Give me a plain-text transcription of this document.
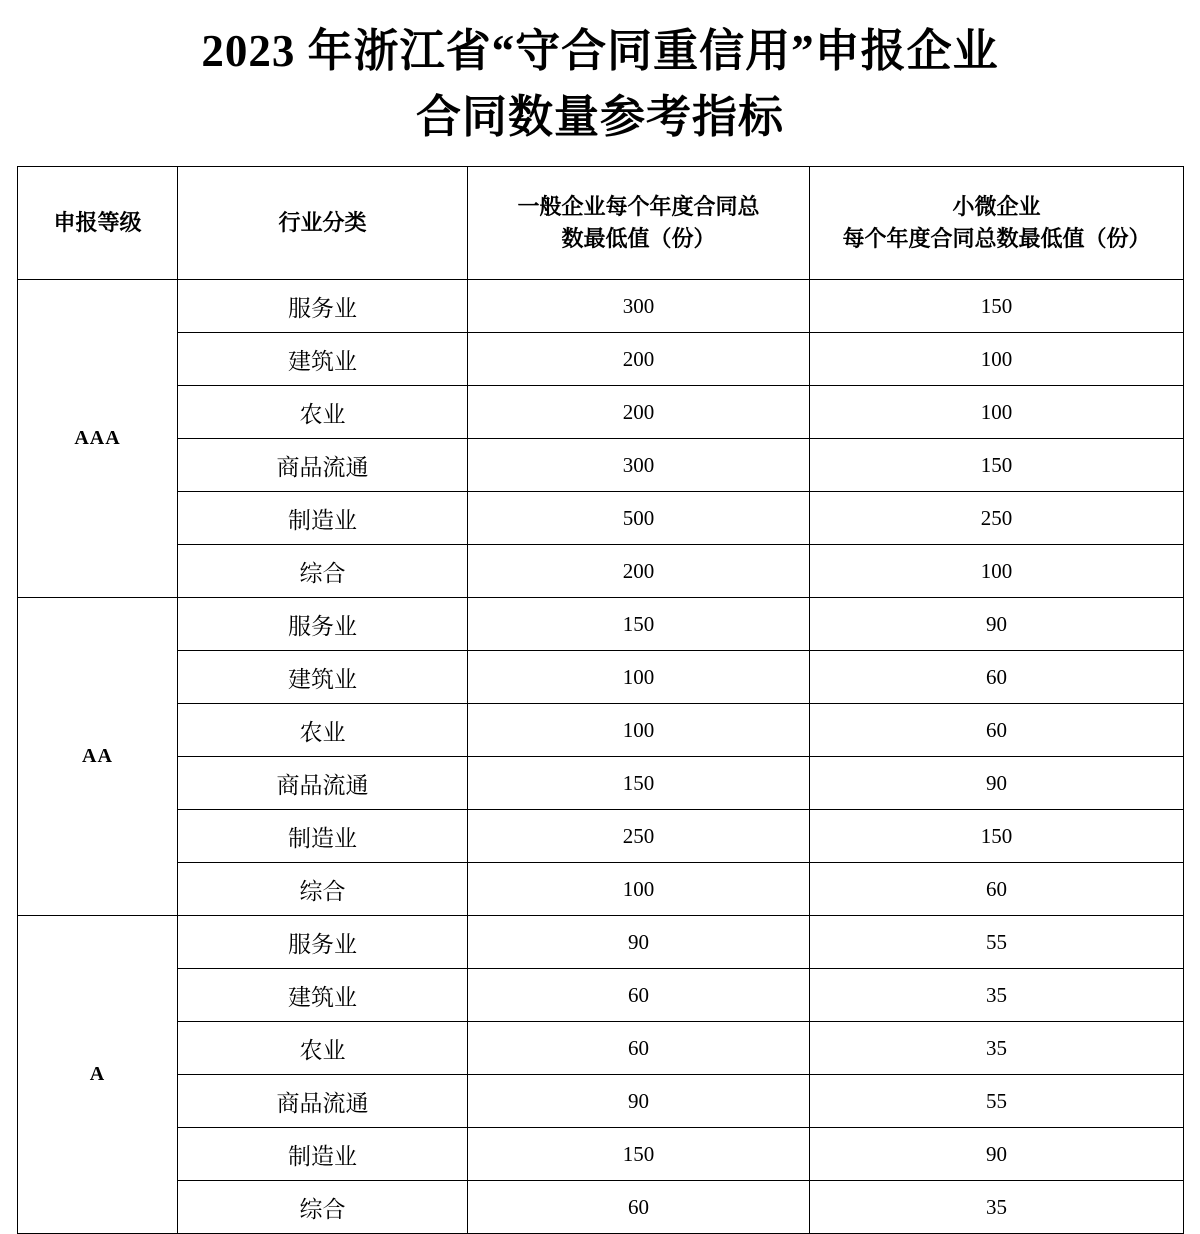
2023 年浙江省“守合同重信用”申报企业
合同数量参考指标
申报等级	行业分类	一般企业每个年度合同总
数最低值（份）	小微企业
每个年度合同总数最低值（份）

AAA	服务业	300	150
	建筑业	200	100
	农业	200	100
	商品流通	300	150
	制造业	500	250
	综合	200	100
AA	服务业	150	90
	建筑业	100	60
	农业	100	60
	商品流通	150	90
	制造业	250	150
	综合	100	60
A	服务业	90	55
	建筑业	60	35
	农业	60	35
	商品流通	90	55
	制造业	150	90
	综合	60	35
